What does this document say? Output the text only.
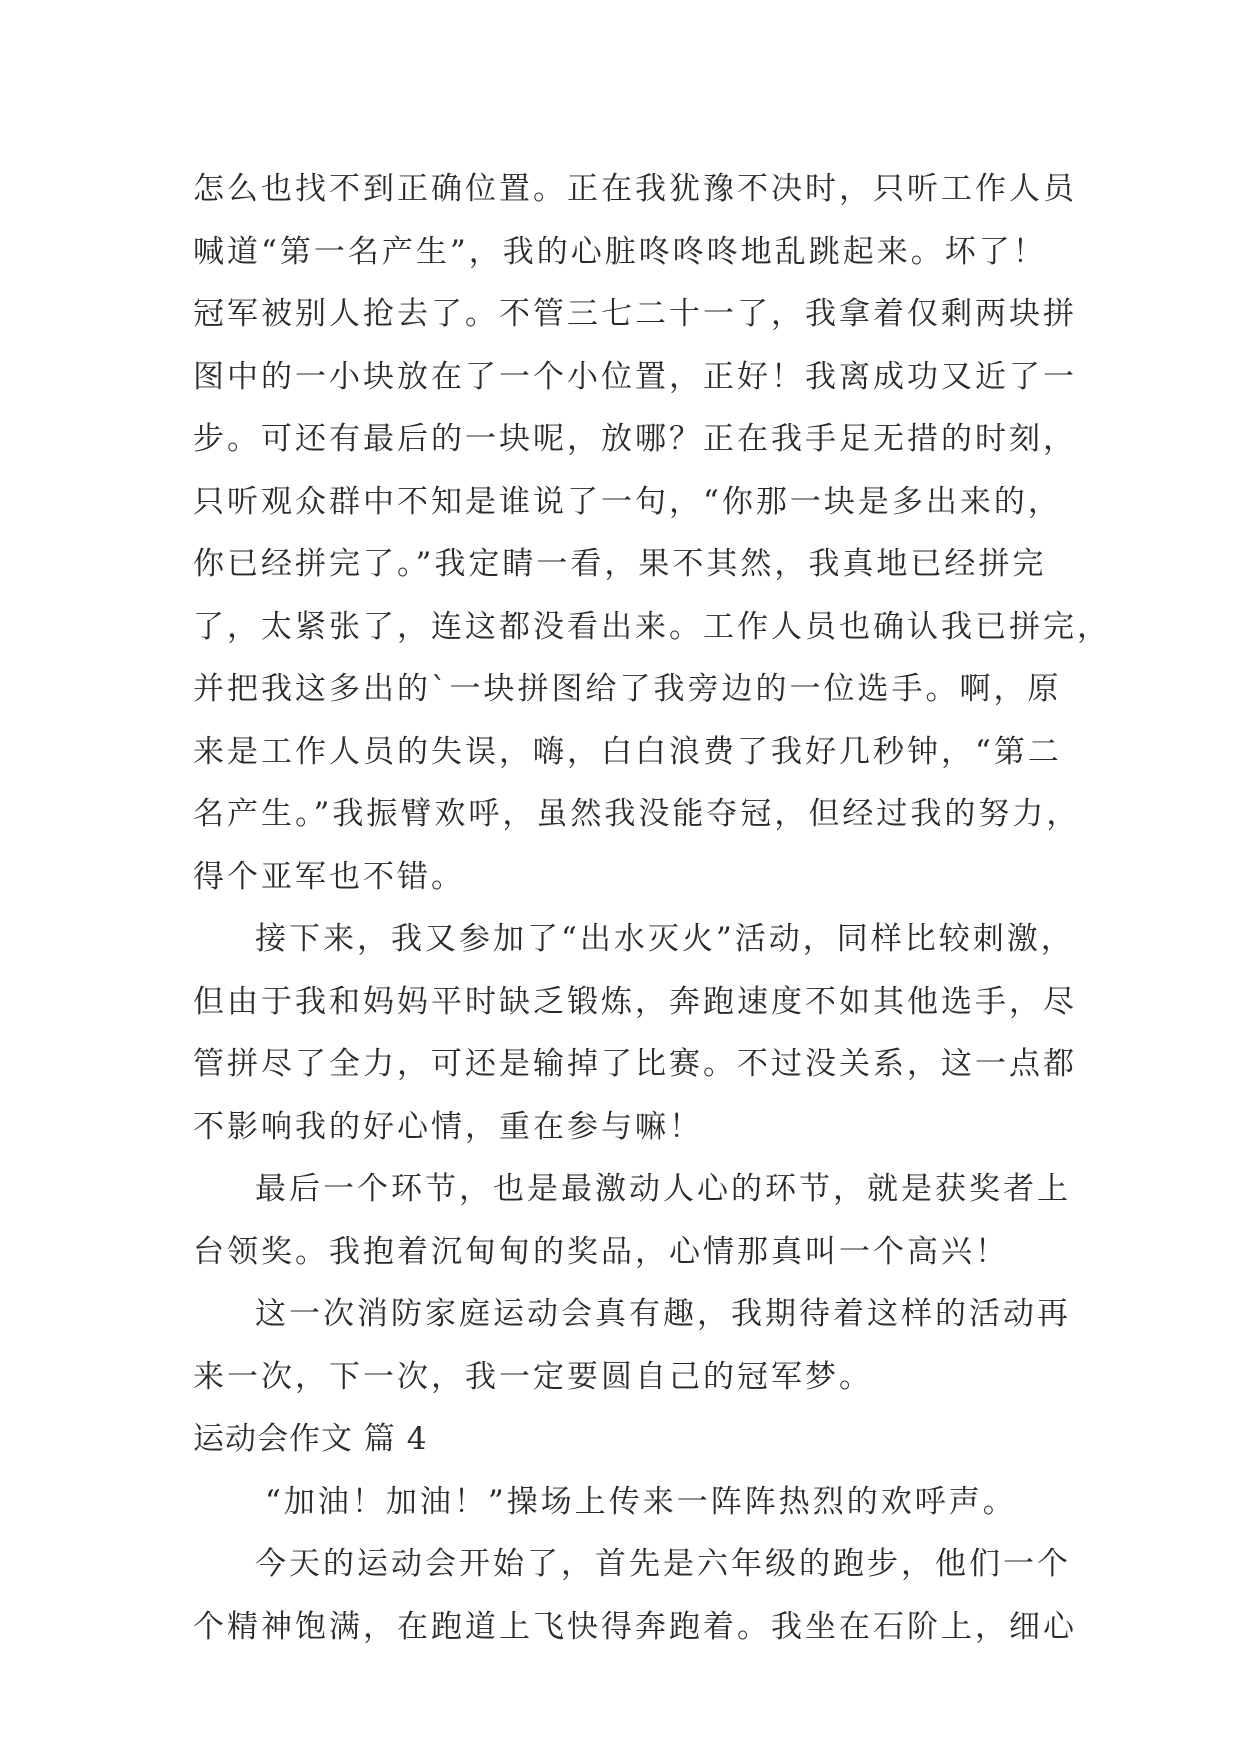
怎么也找不到正确位置。正在我犹豫不决时，只听工作人员
喊道“第一名产生”，我的心脏咚咚咚地乱跳起来。坏了！
冠军被别人抢去了。不管三七二十一了，我拿着仅剩两块拼
图中的一小块放在了一个小位置，正好！我离成功又近了一
步。可还有最后的一块呢，放哪？正在我手足无措的时刻，
只听观众群中不知是谁说了一句，“你那一块是多出来的，
你已经拼完了。”我定睛一看，果不其然，我真地已经拼完
了，太紧张了，连这都没看出来。工作人员也确认我已拼完，
并把我这多出的`一块拼图给了我旁边的一位选手。啊，原
来是工作人员的失误，嗨，白白浪费了我好几秒钟，“第二
名产生。”我振臂欢呼，虽然我没能夺冠，但经过我的努力，
得个亚军也不错。
接下来，我又参加了“出水灭火”活动，同样比较刺激，
但由于我和妈妈平时缺乏锻炼，奔跑速度不如其他选手，尽
管拼尽了全力，可还是输掉了比赛。不过没关系，这一点都
不影响我的好心情，重在参与嘛！
最后一个环节，也是最激动人心的环节，就是获奖者上
台领奖。我抱着沉甸甸的奖品，心情那真叫一个高兴！
这一次消防家庭运动会真有趣，我期待着这样的活动再
来一次，下一次，我一定要圆自己的冠军梦。
运动会作文 篇 4
“加油！加油！”操场上传来一阵阵热烈的欢呼声。
今天的运动会开始了，首先是六年级的跑步，他们一个
个精神饱满，在跑道上飞快得奔跑着。我坐在石阶上，细心
